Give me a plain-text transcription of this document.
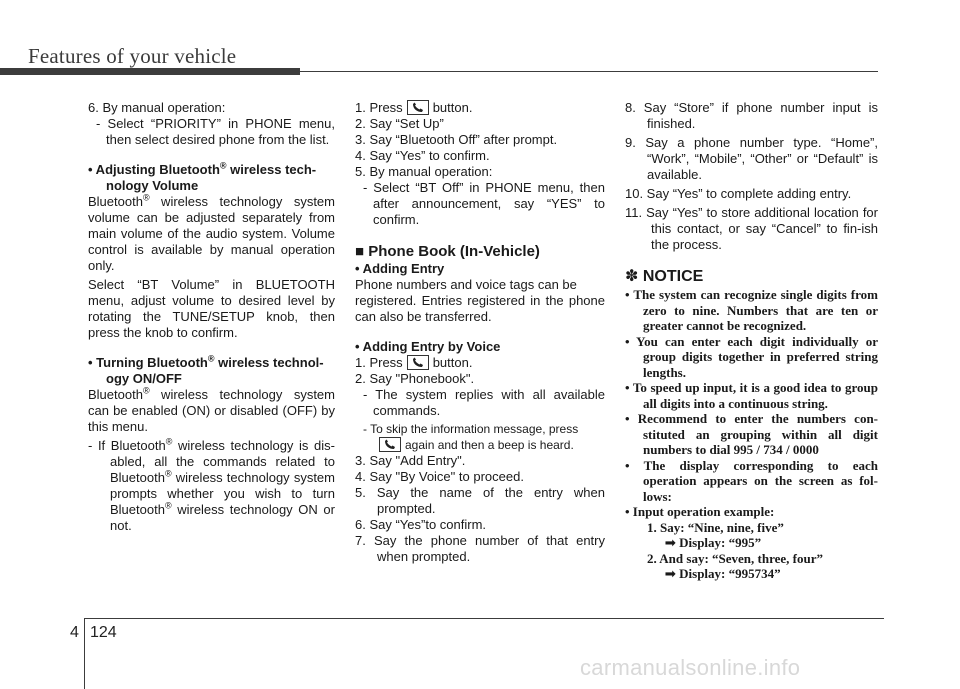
Features of your vehicle

6. By manual operation:

- Select “PRIORITY” in PHONE menu, then select desired phone from the list.

• Adjusting Bluetooth® wireless tech-nology Volume

Bluetooth® wireless technology system volume can be adjusted separately from main volume of the audio system. Volume control is available by manual operation only.

Select “BT Volume” in BLUETOOTH menu, adjust volume to desired level by rotating the TUNE/SETUP knob, then press the knob to confirm.

• Turning Bluetooth® wireless technol-ogy ON/OFF

Bluetooth® wireless technology system can be enabled (ON) or disabled (OFF) by this menu.

- If Bluetooth® wireless technology is dis-abled, all the commands related to Bluetooth® wireless technology system prompts whether you wish to turn Bluetooth® wireless technology ON or not.

1. Press button.

2. Say “Set Up”

3. Say “Bluetooth Off” after prompt.

4. Say “Yes” to confirm.

5. By manual operation:

- Select “BT Off” in PHONE menu, then after announcement, say “YES” to confirm.

■ Phone Book (In-Vehicle)

• Adding Entry

Phone numbers and voice tags can be

registered. Entries registered in the phone can also be transferred.

• Adding Entry by Voice

1. Press button.

2. Say "Phonebook".

- The system replies with all available commands.

- To skip the information message, press

again and then a beep is heard.

3. Say "Add Entry".

4. Say "By Voice" to proceed.

5. Say the name of the entry when prompted.

6. Say “Yes”to confirm.

7. Say the phone number of that entry when prompted.

8. Say “Store” if phone number input is finished.

9. Say a phone number type. “Home”, “Work”, “Mobile”, “Other” or “Default” is available.

10. Say “Yes” to complete adding entry.

11. Say “Yes” to store additional location for this contact, or say “Cancel” to fin-ish the process.

✽ NOTICE

• The system can recognize single digits from zero to nine. Numbers that are ten or greater cannot be recognized.

• You can enter each digit individually or group digits together in preferred string lengths.

• To speed up input, it is a good idea to group all digits into a continuous string.

• Recommend to enter the numbers con-stituted an grouping within all digit numbers to dial 995 / 734 / 0000

• The display corresponding to each operation appears on the screen as fol-lows:

• Input operation example:

1. Say: “Nine, nine, five”

➟ Display: “995”

2. And say: “Seven, three, four”

➟ Display: “995734”

4 124
carmanualsonline.info
